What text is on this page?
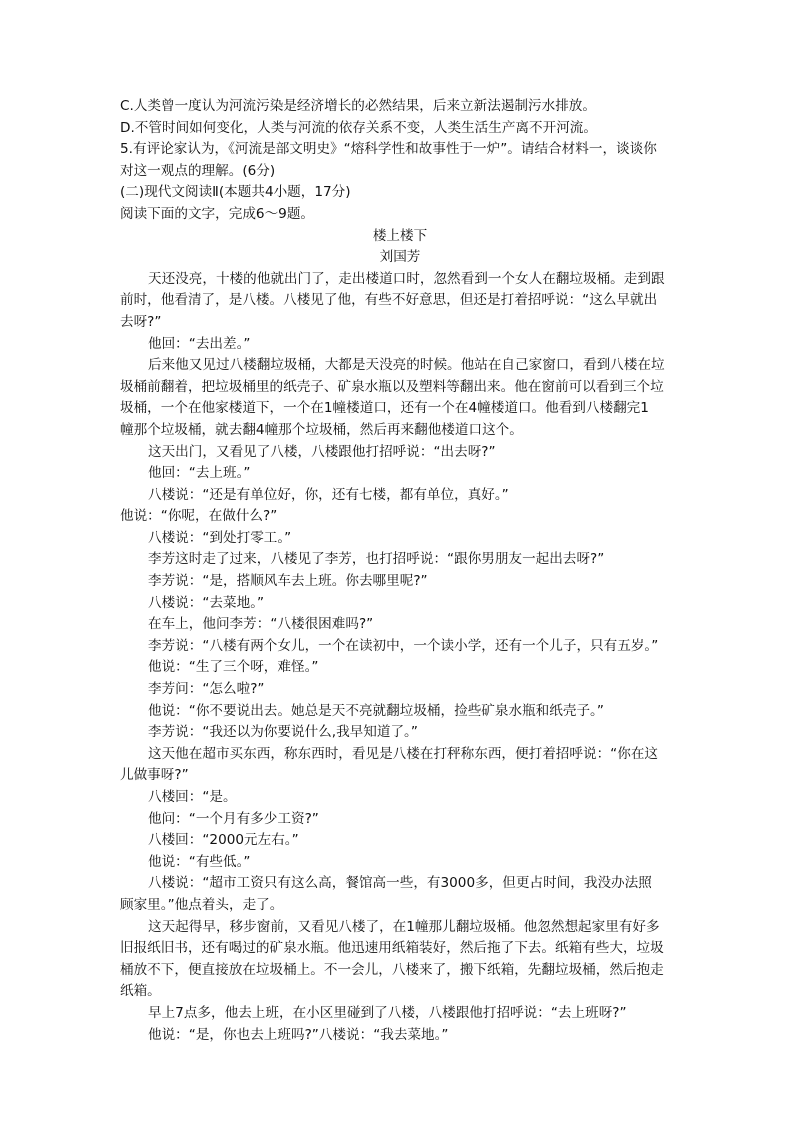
C.人类曾一度认为河流污染是经济增长的必然结果，后来立新法遏制污水排放。
D.不管时间如何变化，人类与河流的依存关系不变，人类生活生产离不开河流。
5.有评论家认为，《河流是部文明史》“熔科学性和故事性于一炉”。请结合材料一，谈谈你
对这一观点的理解。(6分)
(二)现代文阅读Ⅱ(本题共4小题，17分)
阅读下面的文字，完成6～9题。
楼上楼下
刘国芳
天还没亮，十楼的他就出门了，走出楼道口时，忽然看到一个女人在翻垃圾桶。走到跟
前时，他看清了，是八楼。八楼见了他，有些不好意思，但还是打着招呼说：“这么早就出
去呀?”
他回：“去出差。”
后来他又见过八楼翻垃圾桶，大都是天没亮的时候。他站在自己家窗口，看到八楼在垃
圾桶前翻着，把垃圾桶里的纸壳子、矿泉水瓶以及塑料等翻出来。他在窗前可以看到三个垃
圾桶，一个在他家楼道下，一个在1幢楼道口，还有一个在4幢楼道口。他看到八楼翻完1
幢那个垃圾桶，就去翻4幢那个垃圾桶，然后再来翻他楼道口这个。
这天出门，又看见了八楼，八楼跟他打招呼说：“出去呀?”
他回：“去上班。”
八楼说：“还是有单位好，你，还有七楼，都有单位，真好。”
他说：“你呢，在做什么?”
八楼说：“到处打零工。”
李芳这时走了过来，八楼见了李芳，也打招呼说：“跟你男朋友一起出去呀?”
李芳说：“是，搭顺风车去上班。你去哪里呢?”
八楼说：“去菜地。”
在车上，他问李芳：“八楼很困难吗?”
李芳说：“八楼有两个女儿，一个在读初中，一个读小学，还有一个儿子，只有五岁。”
他说：“生了三个呀，难怪。”
李芳问：“怎么啦?”
他说：“你不要说出去。她总是天不亮就翻垃圾桶，捡些矿泉水瓶和纸壳子。”
李芳说：“我还以为你要说什么,我早知道了。”
这天他在超市买东西，称东西时，看见是八楼在打秤称东西，便打着招呼说：“你在这
儿做事呀?”
八楼回：“是。
他问：“一个月有多少工资?”
八楼回：“2000元左右。”
他说：“有些低。”
八楼说：“超市工资只有这么高，餐馆高一些，有3000多，但更占时间，我没办法照
顾家里。”他点着头，走了。
这天起得早，移步窗前，又看见八楼了，在1幢那儿翻垃圾桶。他忽然想起家里有好多
旧报纸旧书，还有喝过的矿泉水瓶。他迅速用纸箱装好，然后拖了下去。纸箱有些大，垃圾
桶放不下，便直接放在垃圾桶上。不一会儿，八楼来了，搬下纸箱，先翻垃圾桶，然后抱走
纸箱。
早上7点多，他去上班，在小区里碰到了八楼，八楼跟他打招呼说：“去上班呀?”
他说：“是，你也去上班吗?”八楼说：“我去菜地。”
